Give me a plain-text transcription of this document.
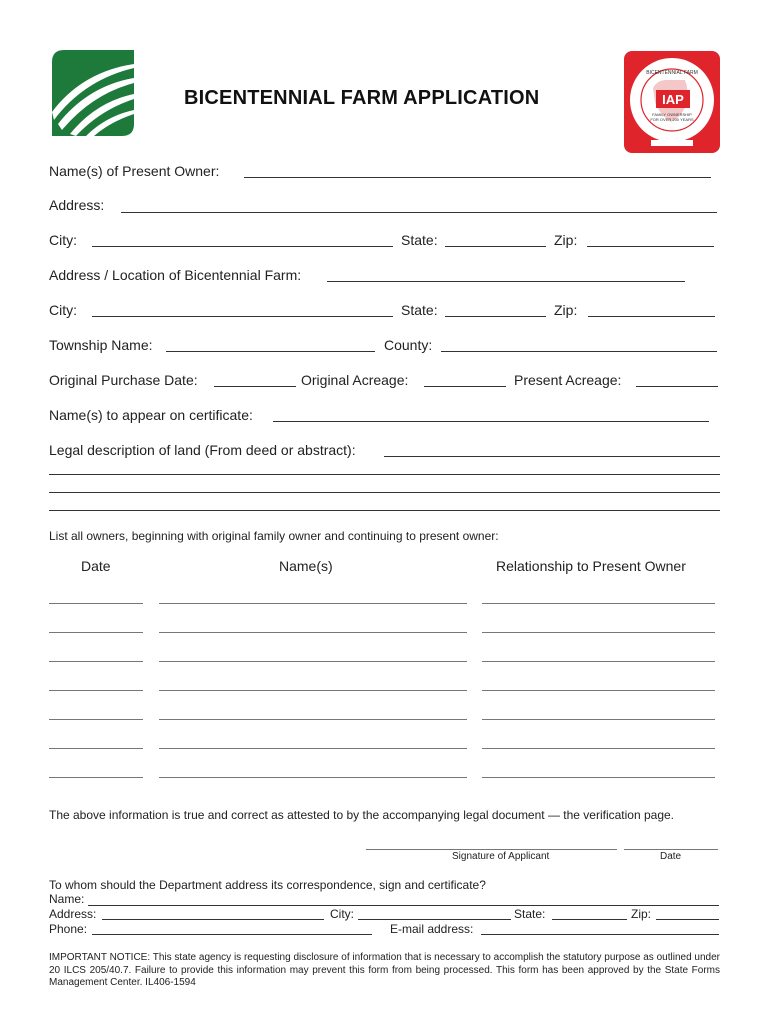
BICENTENNIAL FARM APPLICATION	IAP
BICENTENNIAL FARM
FAMILY OWNERSHIP
FOR OVER 200 YEARS
Name(s) of Present Owner:
Address:
City:	State:	Zip:
Address / Location of Bicentennial Farm:
City:	State:	Zip:
Township Name:	County:
Original Purchase Date:	Original Acreage:	Present Acreage:
Name(s) to appear on certificate:
Legal description of land (From deed or abstract):
List all owners, beginning with original family owner and continuing to present owner:
Date	Name(s)	Relationship to Present Owner
The above information is true and correct as attested to by the accompanying legal document — the verification page.
Signature of Applicant	Date
To whom should the Department address its correspondence, sign and certificate?
Name:
Address:	City:	State:	Zip:
Phone:	E-mail address:
IMPORTANT NOTICE: This state agency is requesting disclosure of information that is necessary to accomplish the statutory purpose as outlined under 20 ILCS 205/40.7. Failure to provide this information may prevent this form from being processed. This form has been approved by the State Forms Management Center. IL406-1594
